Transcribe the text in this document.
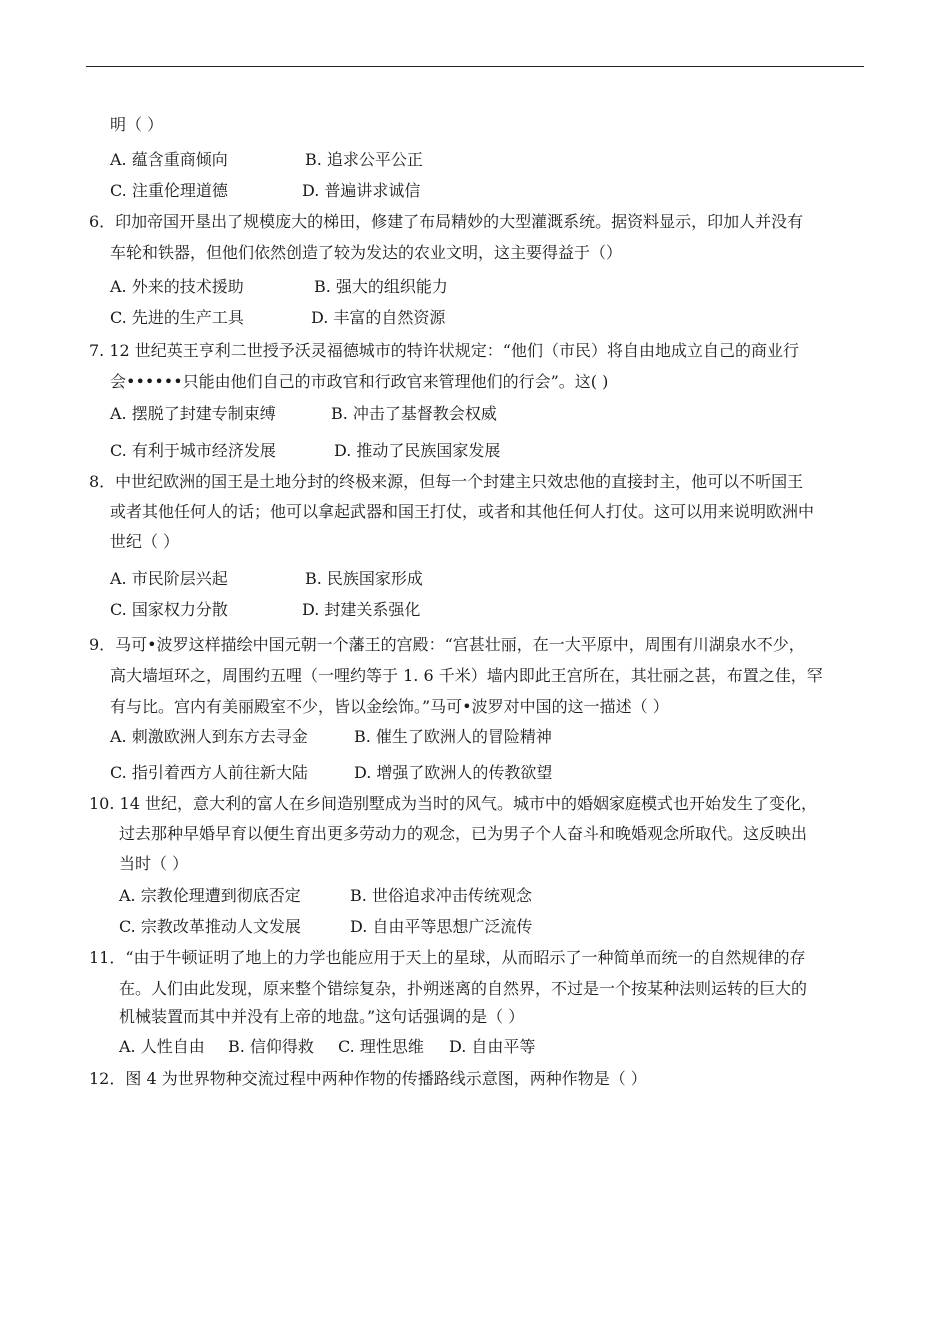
明（ ）
A. 蕴含重商倾向	B. 追求公平公正
C. 注重伦理道德	D. 普遍讲求诚信
6．印加帝国开垦出了规模庞大的梯田，修建了布局精妙的大型灌溉系统。据资料显示，印加人并没有
车轮和铁器，但他们依然创造了较为发达的农业文明，这主要得益于（）
A. 外来的技术援助	B. 强大的组织能力
C. 先进的生产工具	D. 丰富的自然资源
7. 12 世纪英王亨利二世授予沃灵福德城市的特许状规定：“他们（市民）将自由地成立自己的商业行
会••••••只能由他们自己的市政官和行政官来管理他们的行会”。这( )
A. 摆脱了封建专制束缚	B. 冲击了基督教会权威
C. 有利于城市经济发展	D. 推动了民族国家发展
8．中世纪欧洲的国王是土地分封的终极来源，但每一个封建主只效忠他的直接封主，他可以不听国王
或者其他任何人的话；他可以拿起武器和国王打仗，或者和其他任何人打仗。这可以用来说明欧洲中
世纪（ ）
A. 市民阶层兴起	B. 民族国家形成
C. 国家权力分散	D. 封建关系强化
9．马可•波罗这样描绘中国元朝一个藩王的宫殿：“宫甚壮丽，在一大平原中，周围有川湖泉水不少，
高大墙垣环之，周围约五哩（一哩约等于 1. 6 千米）墙内即此王宫所在，其壮丽之甚，布置之佳，罕
有与比。宫内有美丽殿室不少，皆以金绘饰。”马可•波罗对中国的这一描述（ ）
A. 刺激欧洲人到东方去寻金	B. 催生了欧洲人的冒险精神
C. 指引着西方人前往新大陆	D. 增强了欧洲人的传教欲望
10. 14 世纪，意大利的富人在乡间造别墅成为当时的风气。城市中的婚姻家庭模式也开始发生了变化，
过去那种早婚早育以便生育出更多劳动力的观念，已为男子个人奋斗和晚婚观念所取代。这反映出
当时（ ）
A. 宗教伦理遭到彻底否定	B. 世俗追求冲击传统观念
C. 宗教改革推动人文发展	D. 自由平等思想广泛流传
11．“由于牛顿证明了地上的力学也能应用于天上的星球，从而昭示了一种简单而统一的自然规律的存
在。人们由此发现，原来整个错综复杂，扑朔迷离的自然界，不过是一个按某种法则运转的巨大的
机械装置而其中并没有上帝的地盘。”这句话强调的是（ ）
A. 人性自由 B. 信仰得救 C. 理性思维 D. 自由平等
12．图 4 为世界物种交流过程中两种作物的传播路线示意图，两种作物是（ ）
